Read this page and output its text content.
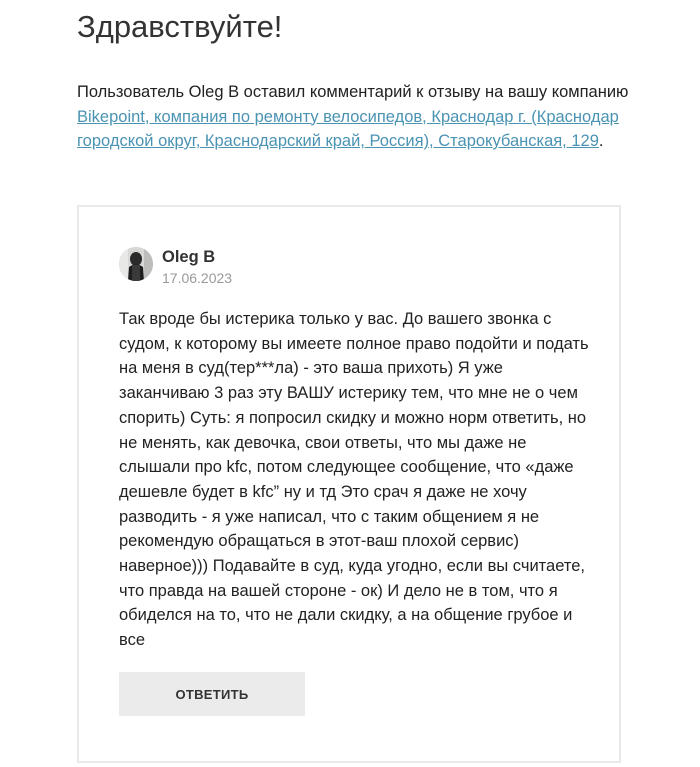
Здравствуйте!

Пользователь Oleg B оставил комментарий к отзыву на вашу компанию Bikepoint, компания по ремонту велосипедов, Краснодар г. (Краснодар городской округ, Краснодарский край, Россия), Старокубанская, 129.

Oleg B
17.06.2023

Так вроде бы истерика только у вас. До вашего звонка с судом, к которому вы имеете полное право подойти и подать на меня в суд(тер***ла) - это ваша прихоть) Я уже заканчиваю 3 раз эту ВАШУ истерику тем, что мне не о чем спорить) Суть: я попросил скидку и можно норм ответить, но не менять, как девочка, свои ответы, что мы даже не слышали про kfc, потом следующее сообщение, что «даже дешевле будет в kfc” ну и тд Это срач я даже не хочу разводить - я уже написал, что с таким общением я не рекомендую обращаться в этот-ваш плохой сервис) наверное))) Подавайте в суд, куда угодно, если вы считаете, что правда на вашей стороне - ок) И дело не в том, что я обиделся на то, что не дали скидку, а на общение грубое и все

ОТВЕТИТЬ
